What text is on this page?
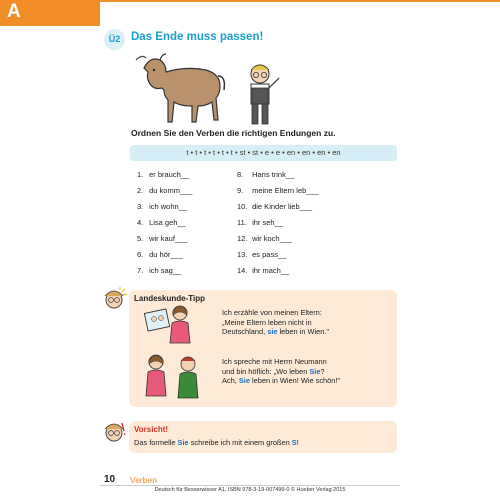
A
Ü2 Das Ende muss passen!
Ordnen Sie den Verben die richtigen Endungen zu.
t • t • t • t • t • t • st • st • e • e • en • en • en • en
1. er brauch__
2. du komm___
3. ich wohn__
4. Lisa geh__
5. wir kauf___
6. du hör___
7. ich sag__
8. Hans trink__
9. meine Eltern leb___
10. die Kinder lieb___
11. ihr seh__
12. wir koch___
13. es pass__
14. ihr mach__
Landeskunde-Tipp
Ich erzähle von meinen Eltern:
„Meine Eltern leben nicht in
Deutschland, sie leben in Wien."
Ich spreche mit Herrn Neumann
und bin höflich: „Wo leben Sie?
Ach, Sie leben in Wien! Wie schön!"
Vorsicht!
Das formelle Sie schreibe ich mit einem großen S!
10 Verben
Deutsch für Besserwisser A1, ISBN 978-3-19-007499-0 © Hueber Verlag 2015
